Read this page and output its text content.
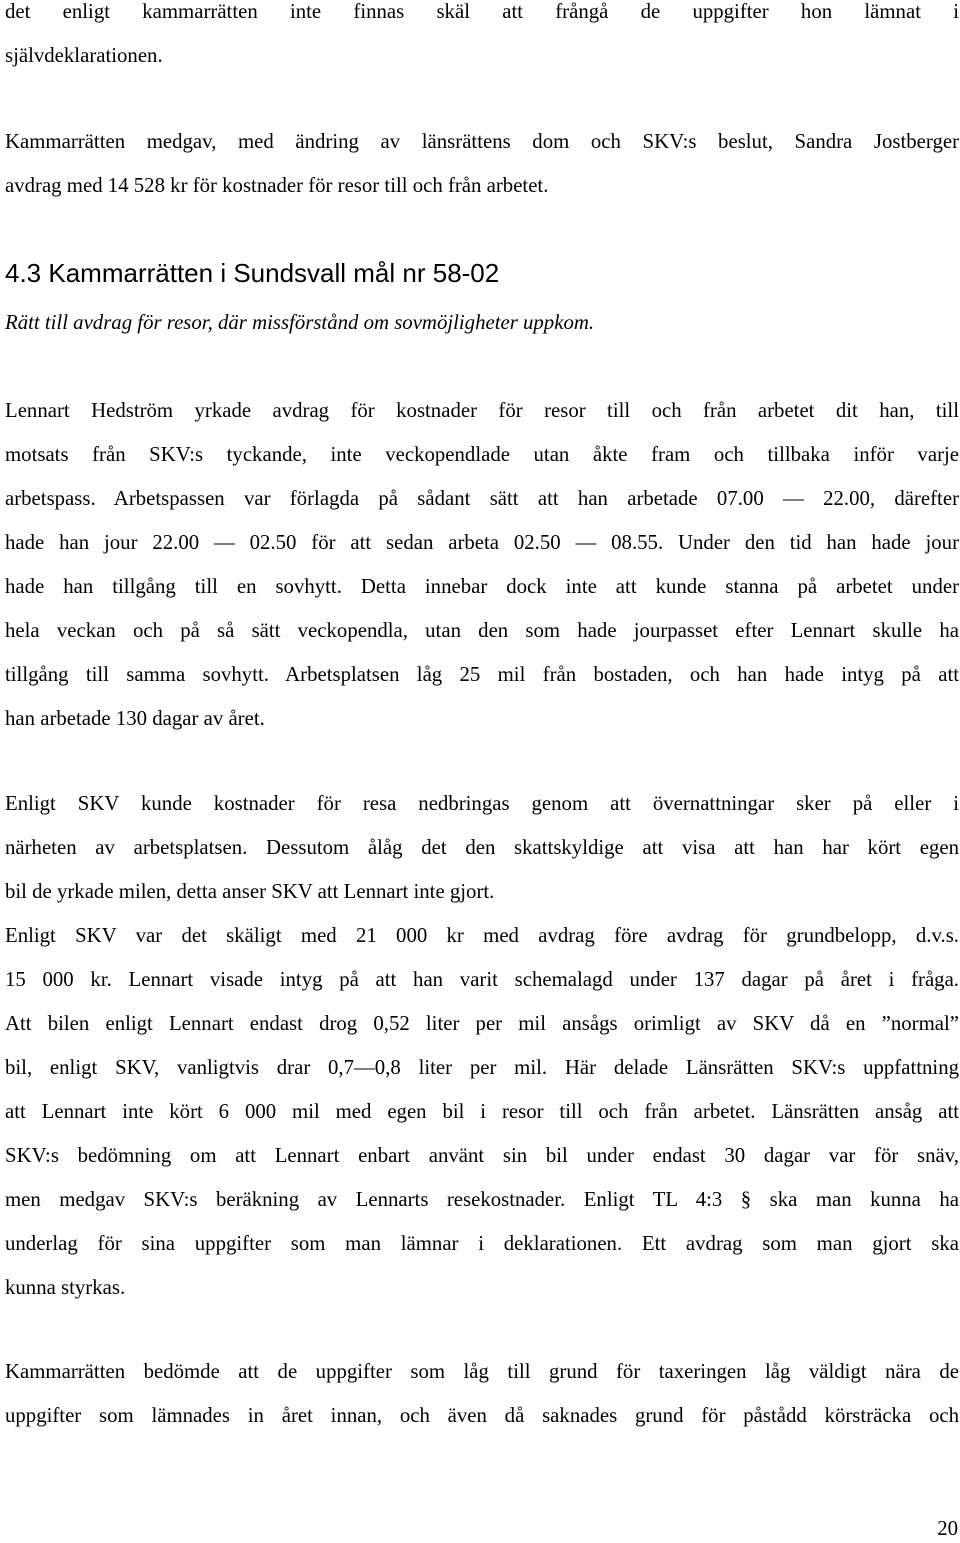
det enligt kammarrätten inte finnas skäl att frångå de uppgifter hon lämnat i
självdeklarationen.
Kammarrätten medgav, med ändring av länsrättens dom och SKV:s beslut, Sandra Jostberger
avdrag med 14 528 kr för kostnader för resor till och från arbetet.
4.3 Kammarrätten i Sundsvall mål nr 58-02
Rätt till avdrag för resor, där missförstånd om sovmöjligheter uppkom.
Lennart Hedström yrkade avdrag för kostnader för resor till och från arbetet dit han, till
motsats från SKV:s tyckande, inte veckopendlade utan åkte fram och tillbaka inför varje
arbetspass. Arbetspassen var förlagda på sådant sätt att han arbetade 07.00 — 22.00, därefter
hade han jour 22.00 — 02.50 för att sedan arbeta 02.50 — 08.55. Under den tid han hade jour
hade han tillgång till en sovhytt. Detta innebar dock inte att kunde stanna på arbetet under
hela veckan och på så sätt veckopendla, utan den som hade jourpasset efter Lennart skulle ha
tillgång till samma sovhytt. Arbetsplatsen låg 25 mil från bostaden, och han hade intyg på att
han arbetade 130 dagar av året.
Enligt SKV kunde kostnader för resa nedbringas genom att övernattningar sker på eller i
närheten av arbetsplatsen. Dessutom ålåg det den skattskyldige att visa att han har kört egen
bil de yrkade milen, detta anser SKV att Lennart inte gjort.
Enligt SKV var det skäligt med 21 000 kr med avdrag före avdrag för grundbelopp, d.v.s.
15 000 kr. Lennart visade intyg på att han varit schemalagd under 137 dagar på året i fråga.
Att bilen enligt Lennart endast drog 0,52 liter per mil ansågs orimligt av SKV då en ”normal”
bil, enligt SKV, vanligtvis drar 0,7—0,8 liter per mil. Här delade Länsrätten SKV:s uppfattning
att Lennart inte kört 6 000 mil med egen bil i resor till och från arbetet. Länsrätten ansåg att
SKV:s bedömning om att Lennart enbart använt sin bil under endast 30 dagar var för snäv,
men medgav SKV:s beräkning av Lennarts resekostnader. Enligt TL 4:3 § ska man kunna ha
underlag för sina uppgifter som man lämnar i deklarationen. Ett avdrag som man gjort ska
kunna styrkas.
Kammarrätten bedömde att de uppgifter som låg till grund för taxeringen låg väldigt nära de
uppgifter som lämnades in året innan, och även då saknades grund för påstådd körsträcka och
20
